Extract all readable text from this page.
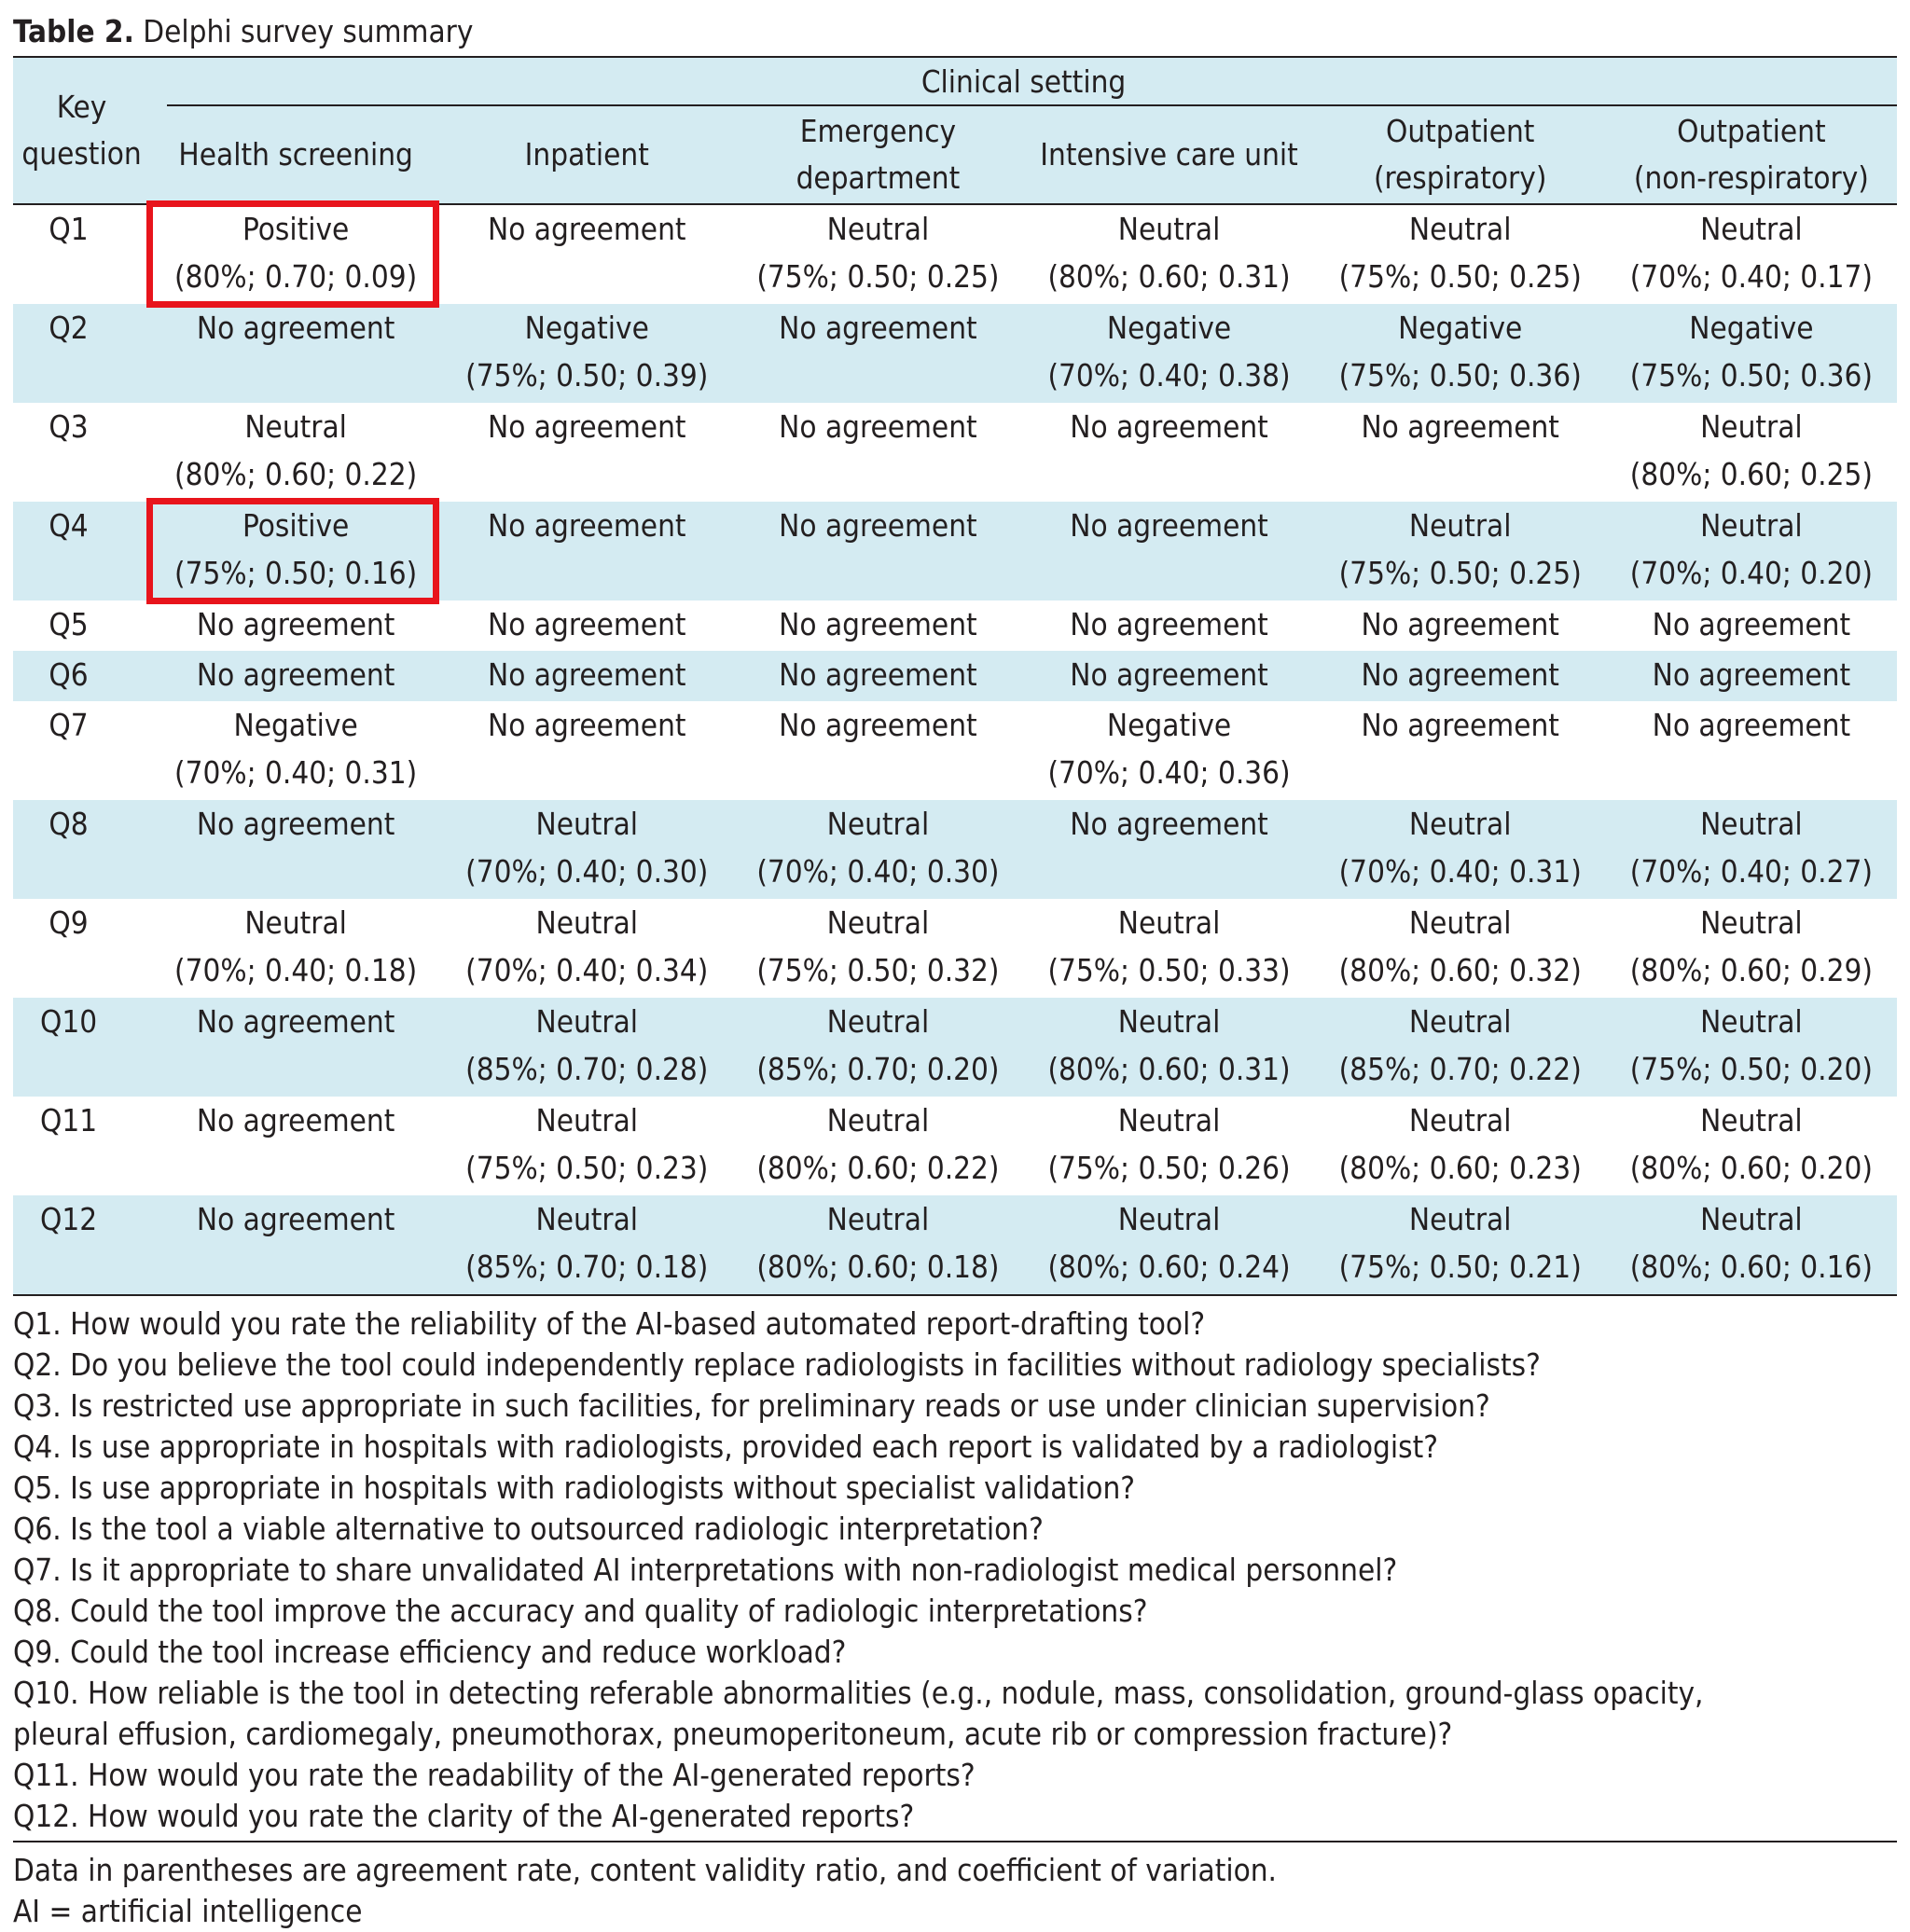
Table 2. Delphi survey summary
Key
question	Clinical setting					

	Health screening	Inpatient	Emergency
department	Intensive care unit	Outpatient
(respiratory)	Outpatient
(non-respiratory)

Q1	Positive
(80%; 0.70; 0.09)	No agreement	Neutral
(75%; 0.50; 0.25)	Neutral
(80%; 0.60; 0.31)	Neutral
(75%; 0.50; 0.25)	Neutral
(70%; 0.40; 0.17)

Q2	No agreement	Negative
(75%; 0.50; 0.39)	No agreement	Negative
(70%; 0.40; 0.38)	Negative
(75%; 0.50; 0.36)	Negative
(75%; 0.50; 0.36)

Q3	Neutral
(80%; 0.60; 0.22)	No agreement	No agreement	No agreement	No agreement	Neutral
(80%; 0.60; 0.25)

Q4	Positive
(75%; 0.50; 0.16)	No agreement	No agreement	No agreement	Neutral
(75%; 0.50; 0.25)	Neutral
(70%; 0.40; 0.20)

Q5	No agreement	No agreement	No agreement	No agreement	No agreement	No agreement
Q6	No agreement	No agreement	No agreement	No agreement	No agreement	No agreement
Q7	Negative
(70%; 0.40; 0.31)	No agreement	No agreement	Negative
(70%; 0.40; 0.36)	No agreement	No agreement
Q8	No agreement	Neutral
(70%; 0.40; 0.30)	Neutral
(70%; 0.40; 0.30)	No agreement	Neutral
(70%; 0.40; 0.31)	Neutral
(70%; 0.40; 0.27)

Q9	Neutral
(70%; 0.40; 0.18)	Neutral
(70%; 0.40; 0.34)	Neutral
(75%; 0.50; 0.32)	Neutral
(75%; 0.50; 0.33)	Neutral
(80%; 0.60; 0.32)	Neutral
(80%; 0.60; 0.29)

Q10	No agreement	Neutral
(85%; 0.70; 0.28)	Neutral
(85%; 0.70; 0.20)	Neutral
(80%; 0.60; 0.31)	Neutral
(85%; 0.70; 0.22)	Neutral
(75%; 0.50; 0.20)

Q11	No agreement	Neutral
(75%; 0.50; 0.23)	Neutral
(80%; 0.60; 0.22)	Neutral
(75%; 0.50; 0.26)	Neutral
(80%; 0.60; 0.23)	Neutral
(80%; 0.60; 0.20)

Q12	No agreement	Neutral
(85%; 0.70; 0.18)	Neutral
(80%; 0.60; 0.18)	Neutral
(80%; 0.60; 0.24)	Neutral
(75%; 0.50; 0.21)	Neutral
(80%; 0.60; 0.16)
Q1. How would you rate the reliability of the AI-based automated report-drafting tool?
Q2. Do you believe the tool could independently replace radiologists in facilities without radiology specialists?
Q3. Is restricted use appropriate in such facilities, for preliminary reads or use under clinician supervision?
Q4. Is use appropriate in hospitals with radiologists, provided each report is validated by a radiologist?
Q5. Is use appropriate in hospitals with radiologists without specialist validation?
Q6. Is the tool a viable alternative to outsourced radiologic interpretation?
Q7. Is it appropriate to share unvalidated AI interpretations with non-radiologist medical personnel?
Q8. Could the tool improve the accuracy and quality of radiologic interpretations?
Q9. Could the tool increase efficiency and reduce workload?
Q10. How reliable is the tool in detecting referable abnormalities (e.g., nodule, mass, consolidation, ground-glass opacity,
pleural effusion, cardiomegaly, pneumothorax, pneumoperitoneum, acute rib or compression fracture)?
Q11. How would you rate the readability of the AI-generated reports?
Q12. How would you rate the clarity of the AI-generated reports?
Data in parentheses are agreement rate, content validity ratio, and coefficient of variation.
AI = artificial intelligence
